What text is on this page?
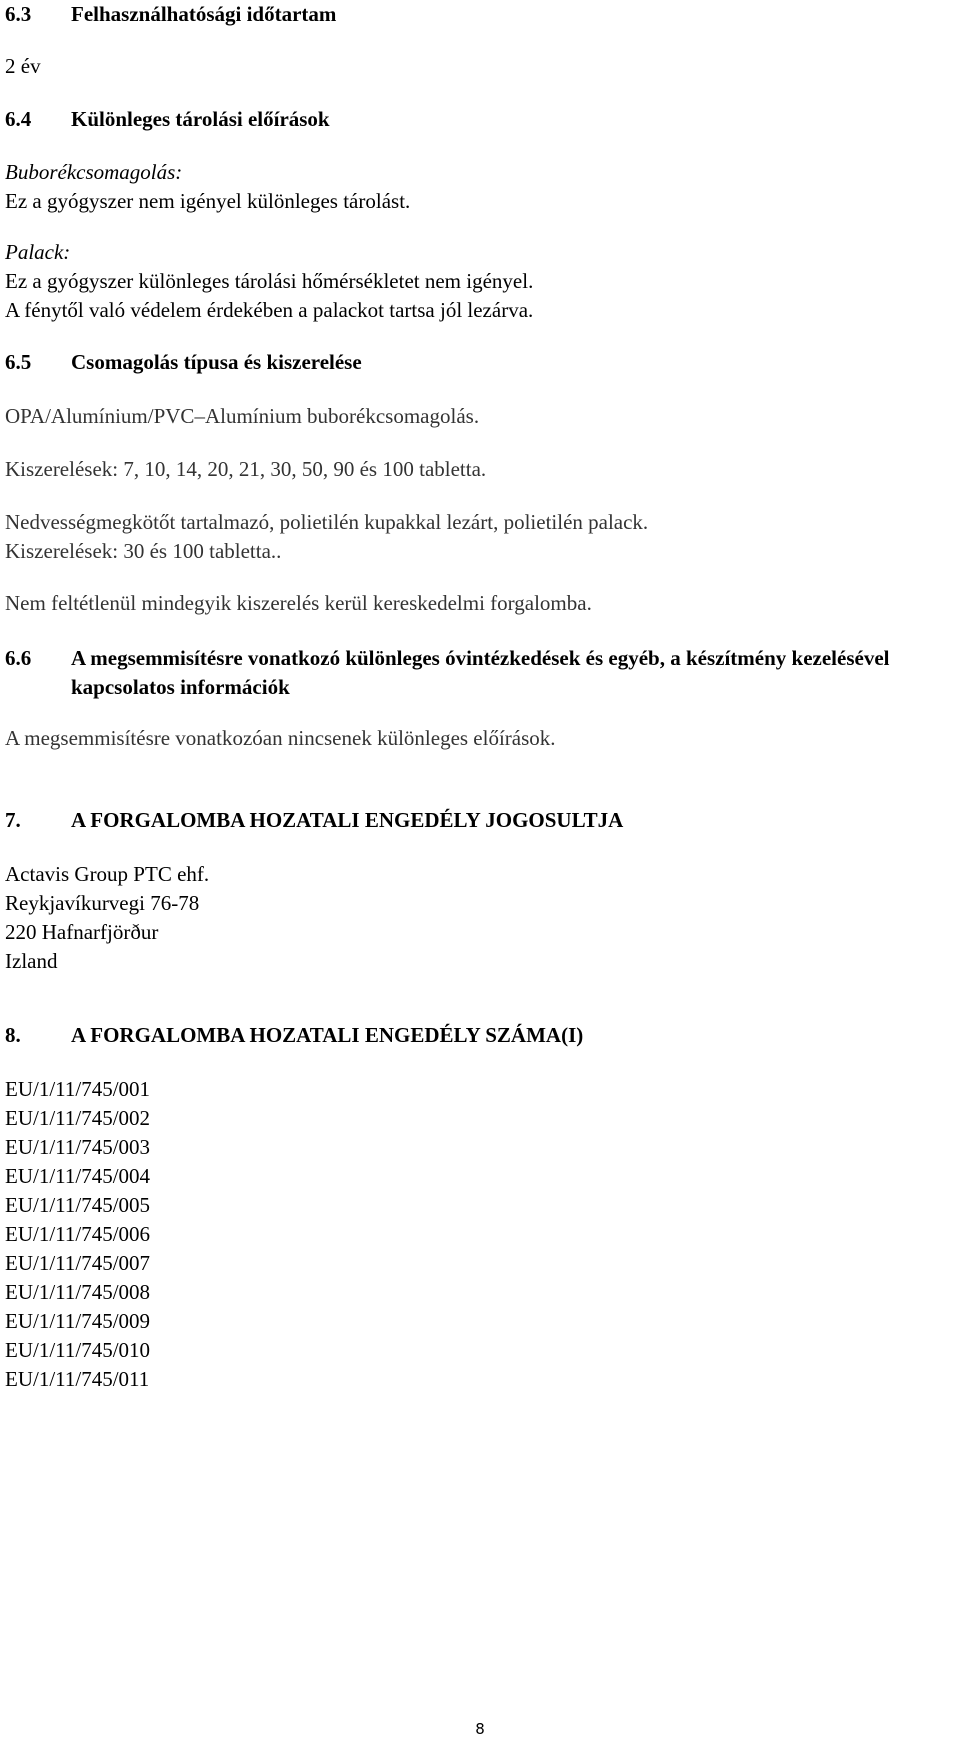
6.3 Felhasználhatósági időtartam

2 év

6.4 Különleges tárolási előírások

Buborékcsomagolás:

Ez a gyógyszer nem igényel különleges tárolást.

Palack:

Ez a gyógyszer különleges tárolási hőmérsékletet nem igényel.

A fénytől való védelem érdekében a palackot tartsa jól lezárva.

6.5 Csomagolás típusa és kiszerelése

OPA/Alumínium/PVC–Alumínium buborékcsomagolás.

Kiszerelések: 7, 10, 14, 20, 21, 30, 50, 90 és 100 tabletta.

Nedvességmegkötőt tartalmazó, polietilén kupakkal lezárt, polietilén palack.

Kiszerelések: 30 és 100 tabletta..

Nem feltétlenül mindegyik kiszerelés kerül kereskedelmi forgalomba.

6.6	A megsemmisítésre vonatkozó különleges óvintézkedések és egyéb, a készítmény kezelésével kapcsolatos információk

A megsemmisítésre vonatkozóan nincsenek különleges előírások.

7. A FORGALOMBA HOZATALI ENGEDÉLY JOGOSULTJA

Actavis Group PTC ehf.

Reykjavíkurvegi 76-78

220 Hafnarfjörður

Izland

8. A FORGALOMBA HOZATALI ENGEDÉLY SZÁMA(I)

EU/1/11/745/001

EU/1/11/745/002

EU/1/11/745/003

EU/1/11/745/004

EU/1/11/745/005

EU/1/11/745/006

EU/1/11/745/007

EU/1/11/745/008

EU/1/11/745/009

EU/1/11/745/010

EU/1/11/745/011

8
